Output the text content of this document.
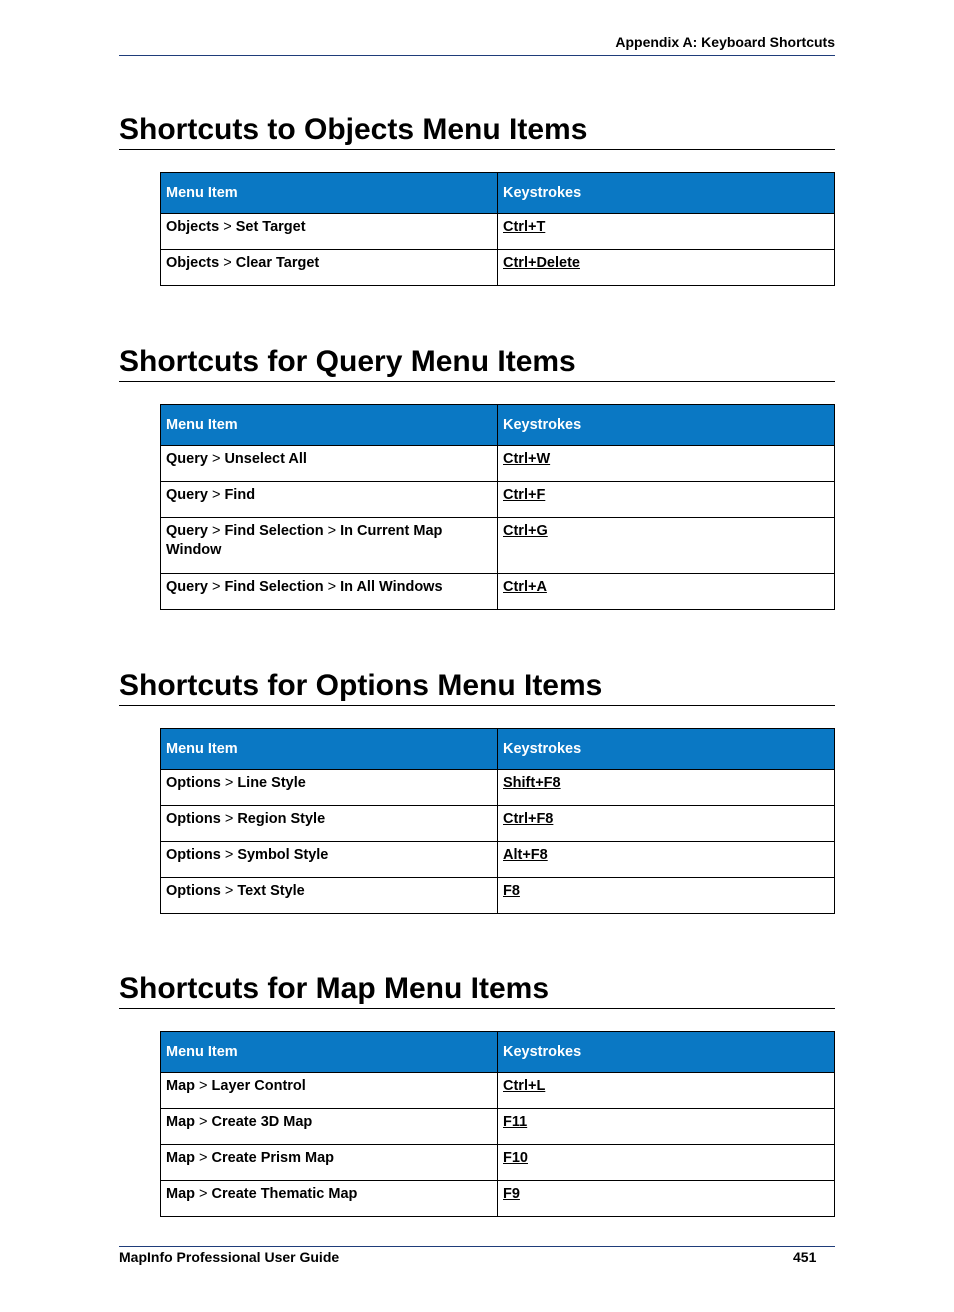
Appendix A: Keyboard Shortcuts
Shortcuts to Objects Menu Items
Menu Item	Keystrokes
Objects > Set Target	Ctrl+T
Objects > Clear Target	Ctrl+Delete
Shortcuts for Query Menu Items
Menu Item	Keystrokes
Query > Unselect All	Ctrl+W
Query > Find	Ctrl+F
Query > Find Selection > In Current Map Window	Ctrl+G
Query > Find Selection > In All Windows	Ctrl+A
Shortcuts for Options Menu Items
Menu Item	Keystrokes
Options > Line Style	Shift+F8
Options > Region Style	Ctrl+F8
Options > Symbol Style	Alt+F8
Options > Text Style	F8
Shortcuts for Map Menu Items
Menu Item	Keystrokes
Map > Layer Control	Ctrl+L
Map > Create 3D Map	F11
Map > Create Prism Map	F10
Map > Create Thematic Map	F9
MapInfo Professional User Guide	451
